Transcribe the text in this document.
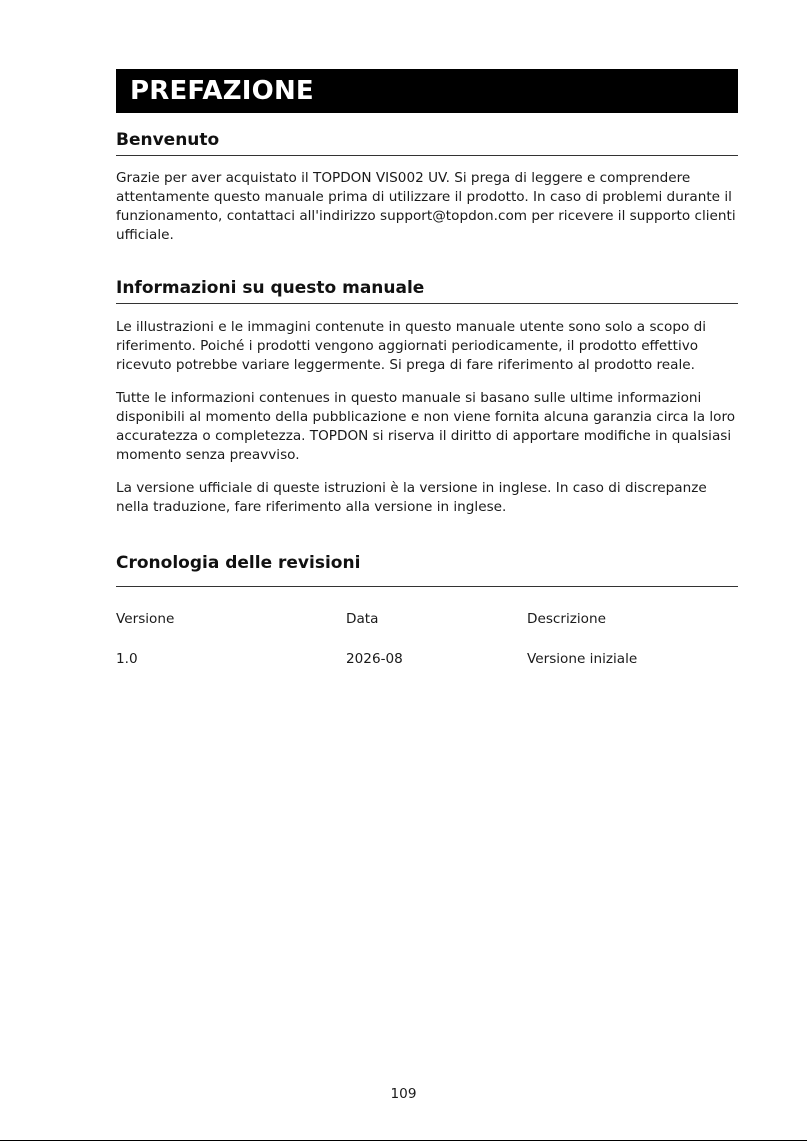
PREFAZIONE
Benvenuto

Grazie per aver acquistato il TOPDON VIS002 UV. Si prega di leggere e comprendere attentamente questo manuale prima di utilizzare il prodotto. In caso di problemi durante il funzionamento, contattaci all'indirizzo support@topdon.com per ricevere il supporto clienti ufficiale.

Informazioni su questo manuale

Le illustrazioni e le immagini contenute in questo manuale utente sono solo a scopo di riferimento. Poiché i prodotti vengono aggiornati periodicamente, il prodotto effettivo ricevuto potrebbe variare leggermente. Si prega di fare riferimento al prodotto reale.

Tutte le informazioni contenues in questo manuale si basano sulle ultime informazioni disponibili al momento della pubblicazione e non viene fornita alcuna garanzia circa la loro accuratezza o completezza. TOPDON si riserva il diritto di apportare modifiche in qualsiasi momento senza preavviso.

La versione ufficiale di queste istruzioni è la versione in inglese. In caso di discrepanze nella traduzione, fare riferimento alla versione in inglese.

Cronologia delle revisioni
Versione	Data	Descrizione
1.0	2026-08	Versione iniziale
109
